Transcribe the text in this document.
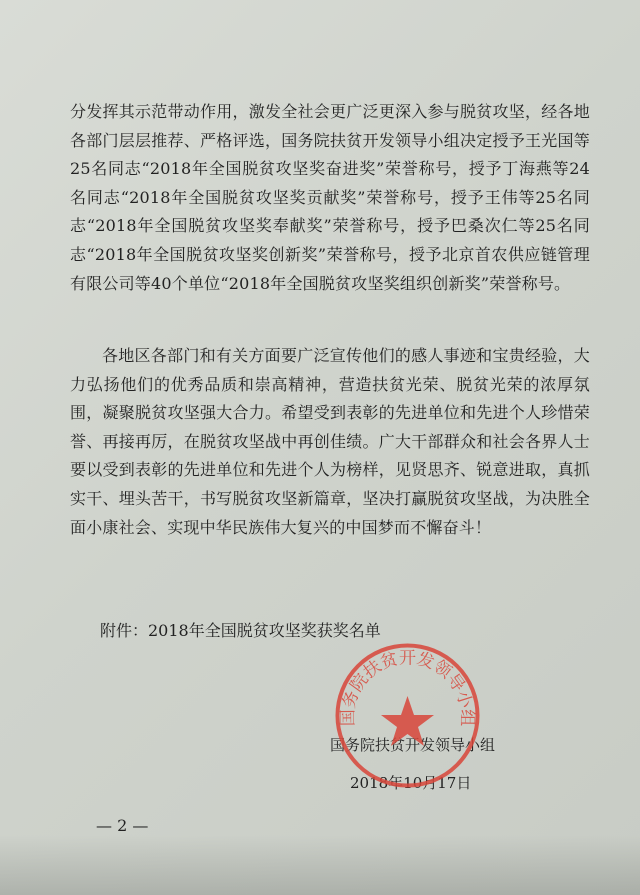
分发挥其示范带动作用，激发全社会更广泛更深入参与脱贫攻坚，经各地各部门层层推荐、严格评选，国务院扶贫开发领导小组决定授予王光国等25名同志“2018年全国脱贫攻坚奖奋进奖”荣誉称号，授予丁海燕等24名同志“2018年全国脱贫攻坚奖贡献奖”荣誉称号，授予王伟等25名同志“2018年全国脱贫攻坚奖奉献奖”荣誉称号，授予巴桑次仁等25名同志“2018年全国脱贫攻坚奖创新奖”荣誉称号，授予北京首农供应链管理有限公司等40个单位“2018年全国脱贫攻坚奖组织创新奖”荣誉称号。

各地区各部门和有关方面要广泛宣传他们的感人事迹和宝贵经验，大力弘扬他们的优秀品质和崇高精神，营造扶贫光荣、脱贫光荣的浓厚氛围，凝聚脱贫攻坚强大合力。希望受到表彰的先进单位和先进个人珍惜荣誉、再接再厉，在脱贫攻坚战中再创佳绩。广大干部群众和社会各界人士要以受到表彰的先进单位和先进个人为榜样，见贤思齐、锐意进取，真抓实干、埋头苦干，书写脱贫攻坚新篇章，坚决打赢脱贫攻坚战，为决胜全面小康社会、实现中华民族伟大复兴的中国梦而不懈奋斗！

附件：2018年全国脱贫攻坚奖获奖名单

国务院扶贫开发领导小组
2018年10月17日
国务院扶贫开发领导小组
— 2 —
